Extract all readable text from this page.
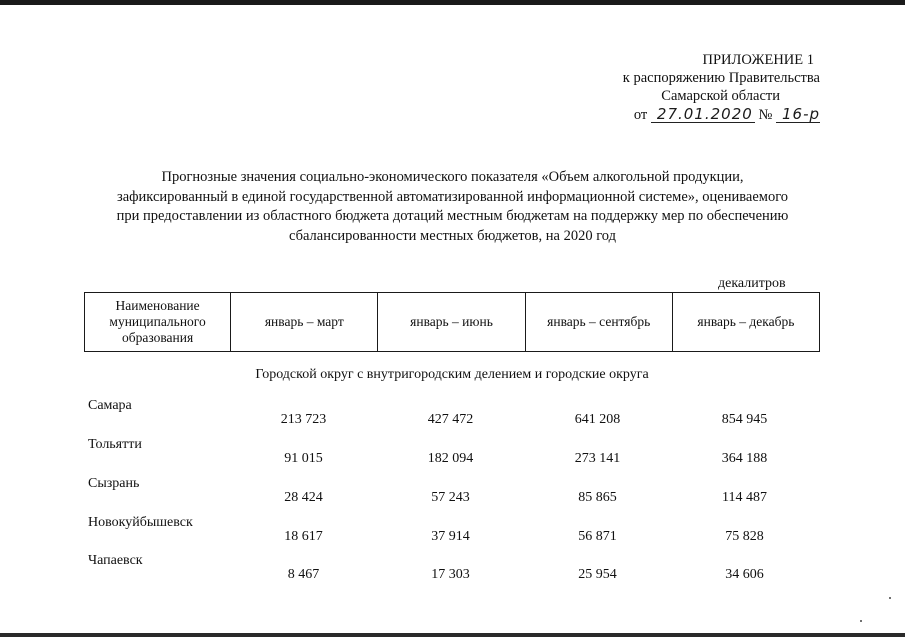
ПРИЛОЖЕНИЕ 1
к распоряжению Правительства
Самарской области
от 27.01.2020 № 16-р
Прогнозные значения социально-экономического показателя «Объем алкогольной продукции,
зафиксированный в единой государственной автоматизированной информационной системе», оцениваемого
при предоставлении из областного бюджета дотаций местным бюджетам на поддержку мер по обеспечению
сбалансированности местных бюджетов, на 2020 год
декалитров
Наименование муниципального образования
январь – март	январь – июнь	январь – сентябрь	январь – декабрь
Городской округ с внутригородским делением и городские округа
Самара
213 723	427 472	641 208	854 945
Тольятти
91 015	182 094	273 141	364 188
Сызрань
28 424	57 243	85 865	114 487
Новокуйбышевск
18 617	37 914	56 871	75 828
Чапаевск
8 467	17 303	25 954	34 606
